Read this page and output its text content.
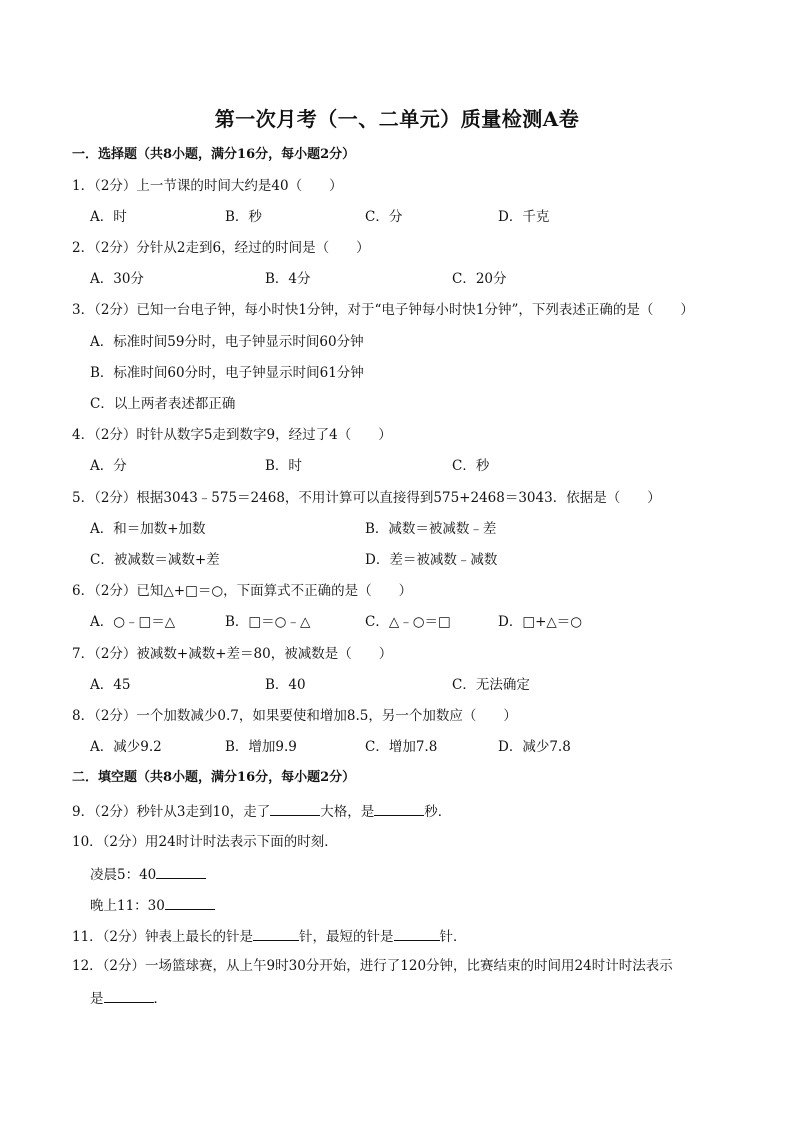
第一次月考（一、二单元）质量检测A卷
一．选择题（共8小题，满分16分，每小题2分）
1．（2分）上一节课的时间大约是40（　　）
A．时	B．秒	C．分	D．千克
2．（2分）分针从2走到6，经过的时间是（　　）
A．30分	B．4分	C．20分
3．（2分）已知一台电子钟，每小时快1分钟，对于“电子钟每小时快1分钟”，下列表述正确的是（　　）
A．标准时间59分时，电子钟显示时间60分钟
B．标准时间60分时，电子钟显示时间61分钟
C．以上两者表述都正确
4．（2分）时针从数字5走到数字9，经过了4（　　）
A．分	B．时	C．秒
5．（2分）根据3043﹣575＝2468，不用计算可以直接得到575+2468＝3043．依据是（　　）
A．和＝加数+加数	B．减数＝被减数﹣差
C．被减数＝减数+差	D．差＝被减数﹣减数
6．（2分）已知△+□＝○，下面算式不正确的是（　　）
A．○﹣□＝△	B．□＝○﹣△	C．△﹣○＝□	D．□+△＝○
7．（2分）被减数+减数+差＝80，被减数是（　　）
A．45	B．40	C．无法确定
8．（2分）一个加数减少0.7，如果要使和增加8.5，另一个加数应（　　）
A．减少9.2	B．增加9.9	C．增加7.8	D．减少7.8
二．填空题（共8小题，满分16分，每小题2分）
9．（2分）秒针从3走到10，走了	大格，是	秒．
10．（2分）用24时计时法表示下面的时刻．
凌晨5：40
晚上11：30
11．（2分）钟表上最长的针是	针，最短的针是	针．
12．（2分）一场篮球赛，从上午9时30分开始，进行了120分钟，比赛结束的时间用24时计时法表示
是	．
